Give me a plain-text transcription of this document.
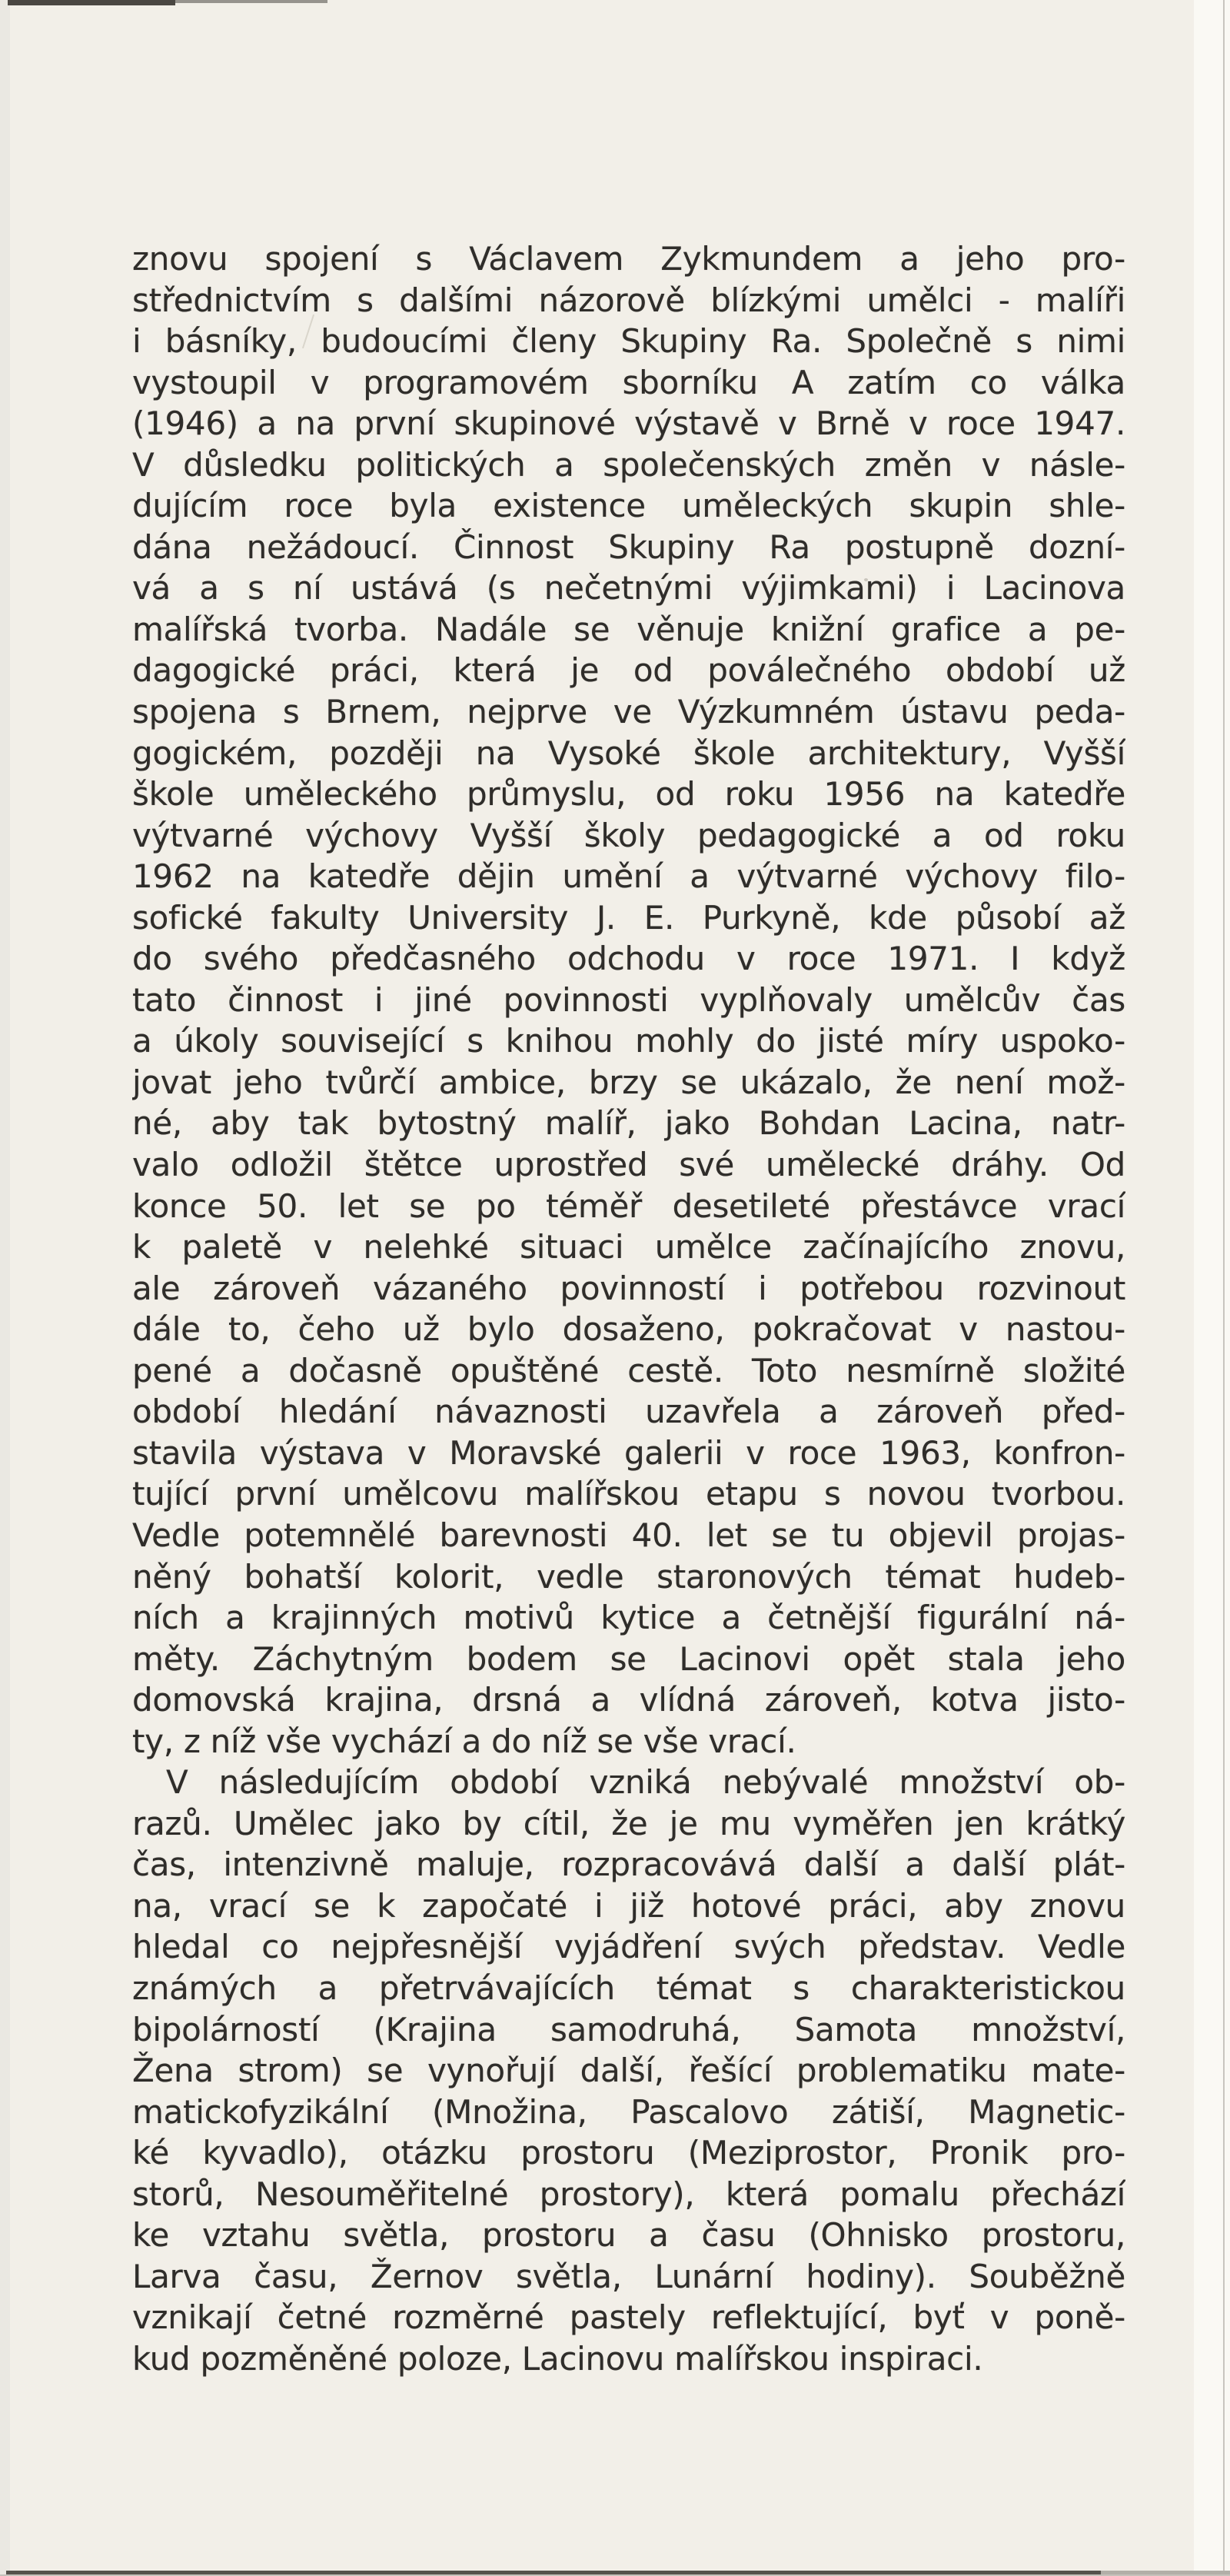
znovu spojení s Václavem Zykmundem a jeho pro-
střednictvím s dalšími názorově blízkými umělci - malíři
i básníky, budoucími členy Skupiny Ra. Společně s nimi
vystoupil v programovém sborníku A zatím co válka
(1946) a na první skupinové výstavě v Brně v roce 1947.
V důsledku politických a společenských změn v násle-
dujícím roce byla existence uměleckých skupin shle-
dána nežádoucí. Činnost Skupiny Ra postupně dozní-
vá a s ní ustává (s nečetnými výjimkami) i Lacinova
malířská tvorba. Nadále se věnuje knižní grafice a pe-
dagogické práci, která je od poválečného období už
spojena s Brnem, nejprve ve Výzkumném ústavu peda-
gogickém, později na Vysoké škole architektury, Vyšší
škole uměleckého průmyslu, od roku 1956 na katedře
výtvarné výchovy Vyšší školy pedagogické a od roku
1962 na katedře dějin umění a výtvarné výchovy filo-
sofické fakulty University J. E. Purkyně, kde působí až
do svého předčasného odchodu v roce 1971. I když
tato činnost i jiné povinnosti vyplňovaly umělcův čas
a úkoly související s knihou mohly do jisté míry uspoko-
jovat jeho tvůrčí ambice, brzy se ukázalo, že není mož-
né, aby tak bytostný malíř, jako Bohdan Lacina, natr-
valo odložil štětce uprostřed své umělecké dráhy. Od
konce 50. let se po téměř desetileté přestávce vrací
k paletě v nelehké situaci umělce začínajícího znovu,
ale zároveň vázaného povinností i potřebou rozvinout
dále to, čeho už bylo dosaženo, pokračovat v nastou-
pené a dočasně opuštěné cestě. Toto nesmírně složité
období hledání návaznosti uzavřela a zároveň před-
stavila výstava v Moravské galerii v roce 1963, konfron-
tující první umělcovu malířskou etapu s novou tvorbou.
Vedle potemnělé barevnosti 40. let se tu objevil projas-
něný bohatší kolorit, vedle staronových témat hudeb-
ních a krajinných motivů kytice a četnější figurální ná-
měty. Záchytným bodem se Lacinovi opět stala jeho
domovská krajina, drsná a vlídná zároveň, kotva jisto-
ty, z níž vše vychází a do níž se vše vrací.
V následujícím období vzniká nebývalé množství ob-
razů. Umělec jako by cítil, že je mu vyměřen jen krátký
čas, intenzivně maluje, rozpracovává další a další plát-
na, vrací se k započaté i již hotové práci, aby znovu
hledal co nejpřesnější vyjádření svých představ. Vedle
známých a přetrvávajících témat s charakteristickou
bipolárností (Krajina samodruhá, Samota množství,
Žena strom) se vynořují další, řešící problematiku mate-
matickofyzikální (Množina, Pascalovo zátiší, Magnetic-
ké kyvadlo), otázku prostoru (Meziprostor, Pronik pro-
storů, Nesouměřitelné prostory), která pomalu přechází
ke vztahu světla, prostoru a času (Ohnisko prostoru,
Larva času, Žernov světla, Lunární hodiny). Souběžně
vznikají četné rozměrné pastely reflektující, byť v poně-
kud pozměněné poloze, Lacinovu malířskou inspiraci.
